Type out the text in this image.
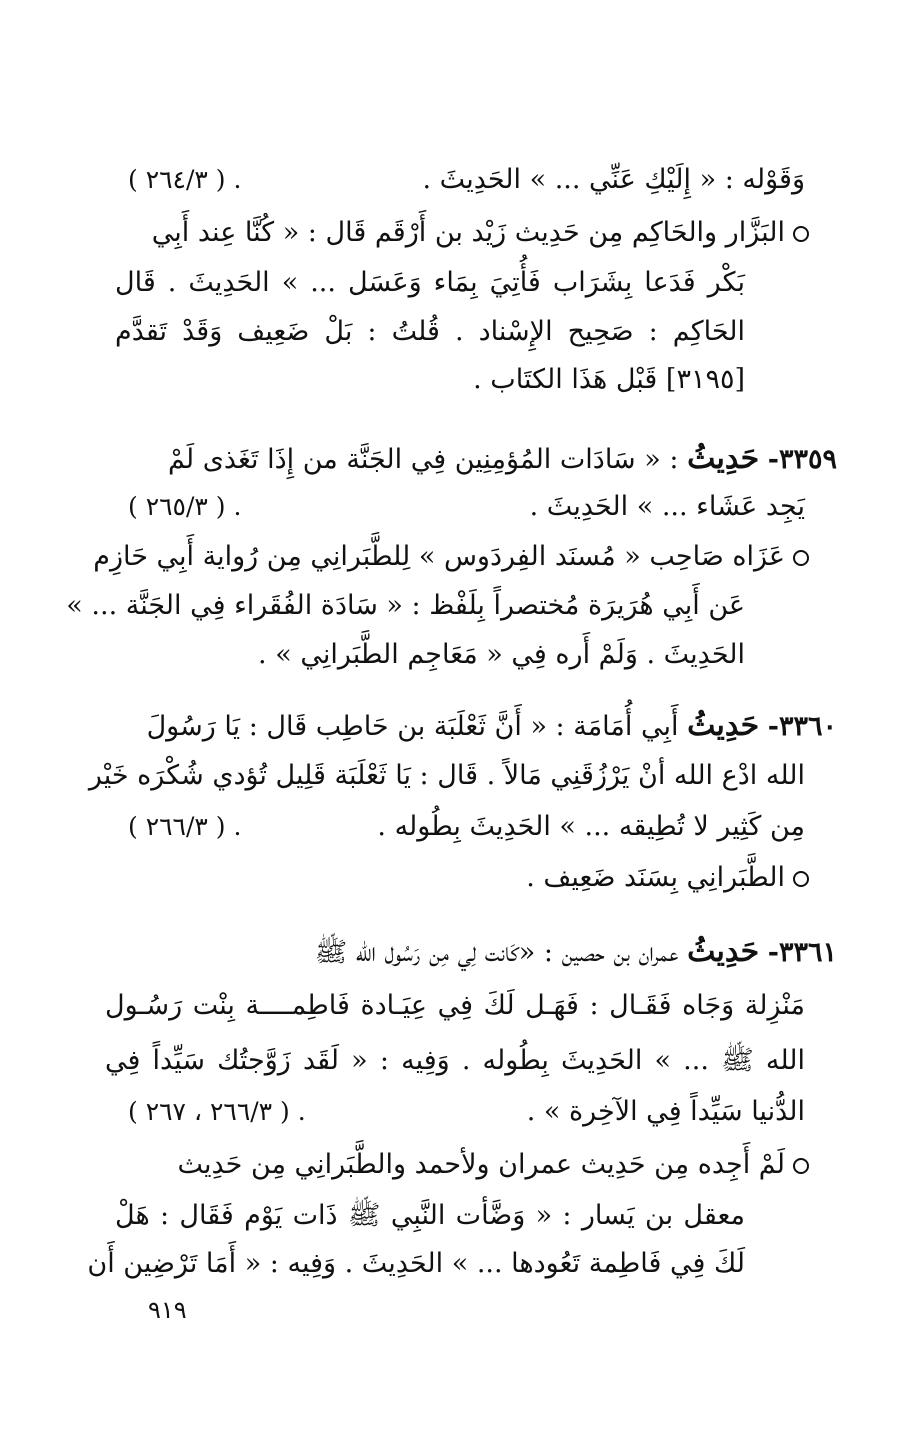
وَقَوْله : « إِلَيْكِ عَنِّي ... » الحَدِيثَ .
( ٢٦٤/٣ ) .
البَزَّار والحَاكِم مِن حَدِيث زَيْد بن أَرْقَم قَال : « كُنَّا عِند أَبِي
بَكْر فَدَعا بِشَرَاب فَأُتِيَ بِمَاء وَعَسَل ... » الحَدِيثَ . قَال
الحَاكِم : صَحِيح الإِسْناد . قُلتُ : بَلْ ضَعِيف وَقَدْ تَقدَّم
[٣١٩٥] قَبْل هَذَا الكتَاب .
٣٣٥٩- حَدِيثُ : « سَادَات المُؤمِنِين فِي الجَنَّة من إِذَا تَغَذى لَمْ
يَجِد عَشَاء ... » الحَدِيثَ .
( ٢٦٥/٣ ) .
عَزَاه صَاحِب « مُسنَد الفِردَوس » لِلطَّبَرانِي مِن رُواية أَبِي حَازِم
عَن أَبِي هُرَيرَة مُختصراً بِلَفْظ : « سَادَة الفُقَراء فِي الجَنَّة ... »
الحَدِيثَ . وَلَمْ أَره فِي « مَعَاجِم الطَّبَرانِي » .
٣٣٦٠- حَدِيثُ أَبِي أُمَامَة : « أَنَّ ثَعْلَبَة بن حَاطِب قَال : يَا رَسُولَ
الله ادْع الله أنْ يَرْزُقَنِي مَالاً . قَال : يَا ثَعْلَبَة قَلِيل تُؤدي شُكْرَه خَيْر
مِن كَثِير لا تُطِيقه ... » الحَدِيثَ بِطُوله .
( ٢٦٦/٣ ) .
الطَّبَرانِي بِسَنَد ضَعِيف .
٣٣٦١- حَدِيثُ عمران بن حصين : «كَانت لِي مِن رَسُول الله ﷺ
مَنْزِلة وَجَاه فَقَـال : فَهَـل لَكَ فِي عِيَـادة فَاطِمــــة بِنْت رَسُـول
الله ﷺ ... » الحَدِيثَ بِطُوله . وَفِيه : « لَقَد زَوَّجتُك سَيِّداً فِي
الدُّنيا سَيِّداً فِي الآخِرة » .
( ٢٦٦/٣ ، ٢٦٧ ) .
لَمْ أَجِده مِن حَدِيث عمران ولأحمد والطَّبَرانِي مِن حَدِيث
معقل بن يَسار : « وَضَّأت النَّبِي ﷺ ذَات يَوْم فَقَال : هَلْ
لَكَ فِي فَاطِمة تَعُودها ... » الحَدِيثَ . وَفِيه : « أَمَا تَرْضِين أَن
٩١٩
